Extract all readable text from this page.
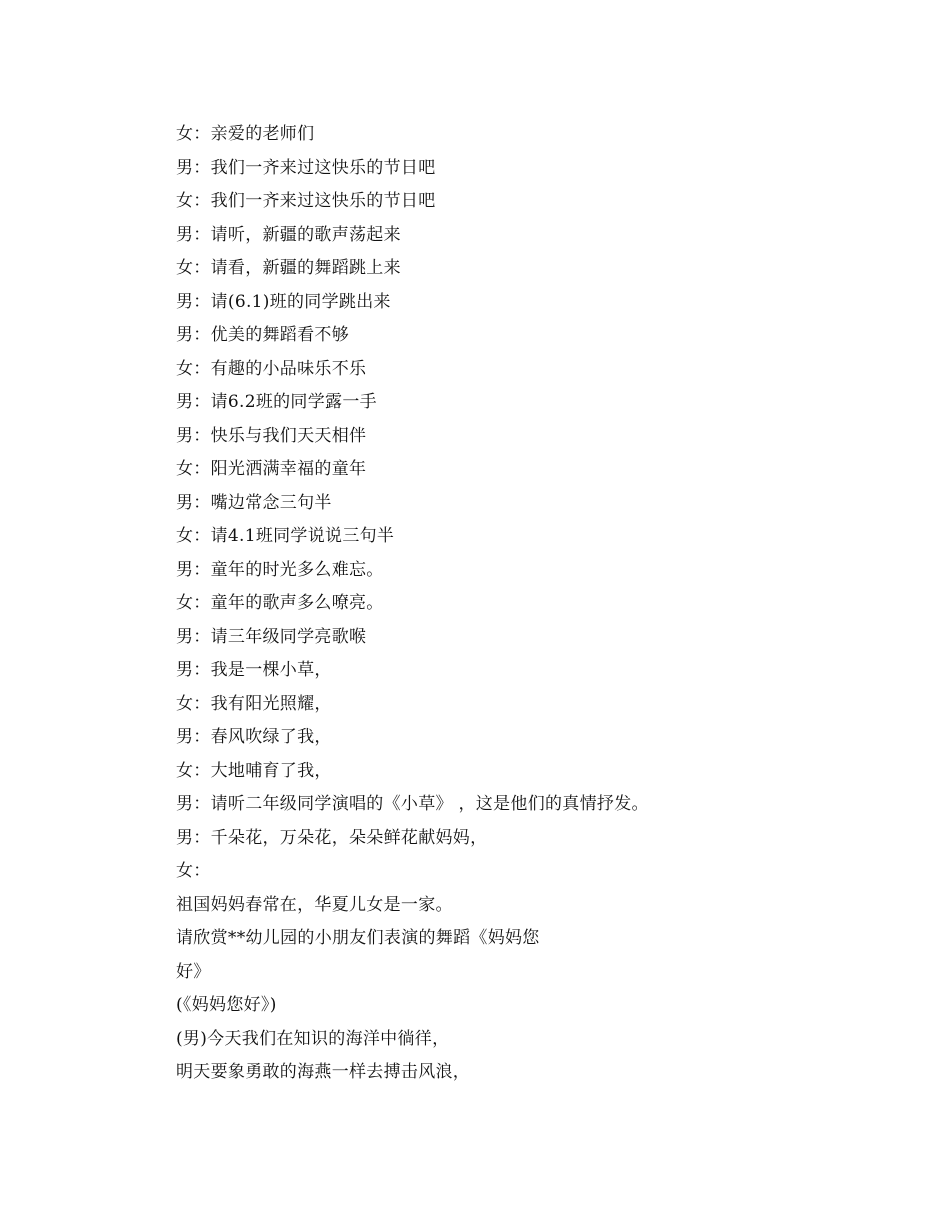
女：亲爱的老师们
男：我们一齐来过这快乐的节日吧
女：我们一齐来过这快乐的节日吧
男：请听，新疆的歌声荡起来
女：请看，新疆的舞蹈跳上来
男：请(6.1)班的同学跳出来
男：优美的舞蹈看不够
女：有趣的小品味乐不乐
男：请6.2班的同学露一手
男：快乐与我们天天相伴
女：阳光洒满幸福的童年
男：嘴边常念三句半
女：请4.1班同学说说三句半
男：童年的时光多么难忘。
女：童年的歌声多么嘹亮。
男：请三年级同学亮歌喉
男：我是一棵小草，
女：我有阳光照耀，
男：春风吹绿了我，
女：大地哺育了我，
男：请听二年级同学演唱的《小草》 ，这是他们的真情抒发。
男：千朵花，万朵花，朵朵鲜花献妈妈，
女：
祖国妈妈春常在，华夏儿女是一家。
请欣赏**幼儿园的小朋友们表演的舞蹈《妈妈您
好》
(《妈妈您好》)
(男)今天我们在知识的海洋中徜徉，
明天要象勇敢的海燕一样去搏击风浪，
